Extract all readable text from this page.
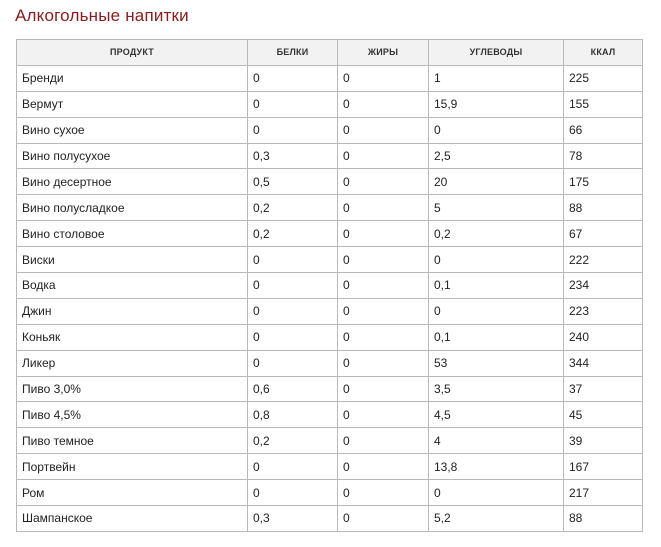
Алкогольные напитки
ПРОДУКТ	БЕЛКИ	ЖИРЫ	УГЛЕВОДЫ	ККАЛ
Бренди	0	0	1	225
Вермут	0	0	15,9	155
Вино сухое	0	0	0	66
Вино полусухое	0,3	0	2,5	78
Вино десертное	0,5	0	20	175
Вино полусладкое	0,2	0	5	88
Вино столовое	0,2	0	0,2	67
Виски	0	0	0	222
Водка	0	0	0,1	234
Джин	0	0	0	223
Коньяк	0	0	0,1	240
Ликер	0	0	53	344
Пиво 3,0%	0,6	0	3,5	37
Пиво 4,5%	0,8	0	4,5	45
Пиво темное	0,2	0	4	39
Портвейн	0	0	13,8	167
Ром	0	0	0	217
Шампанское	0,3	0	5,2	88
